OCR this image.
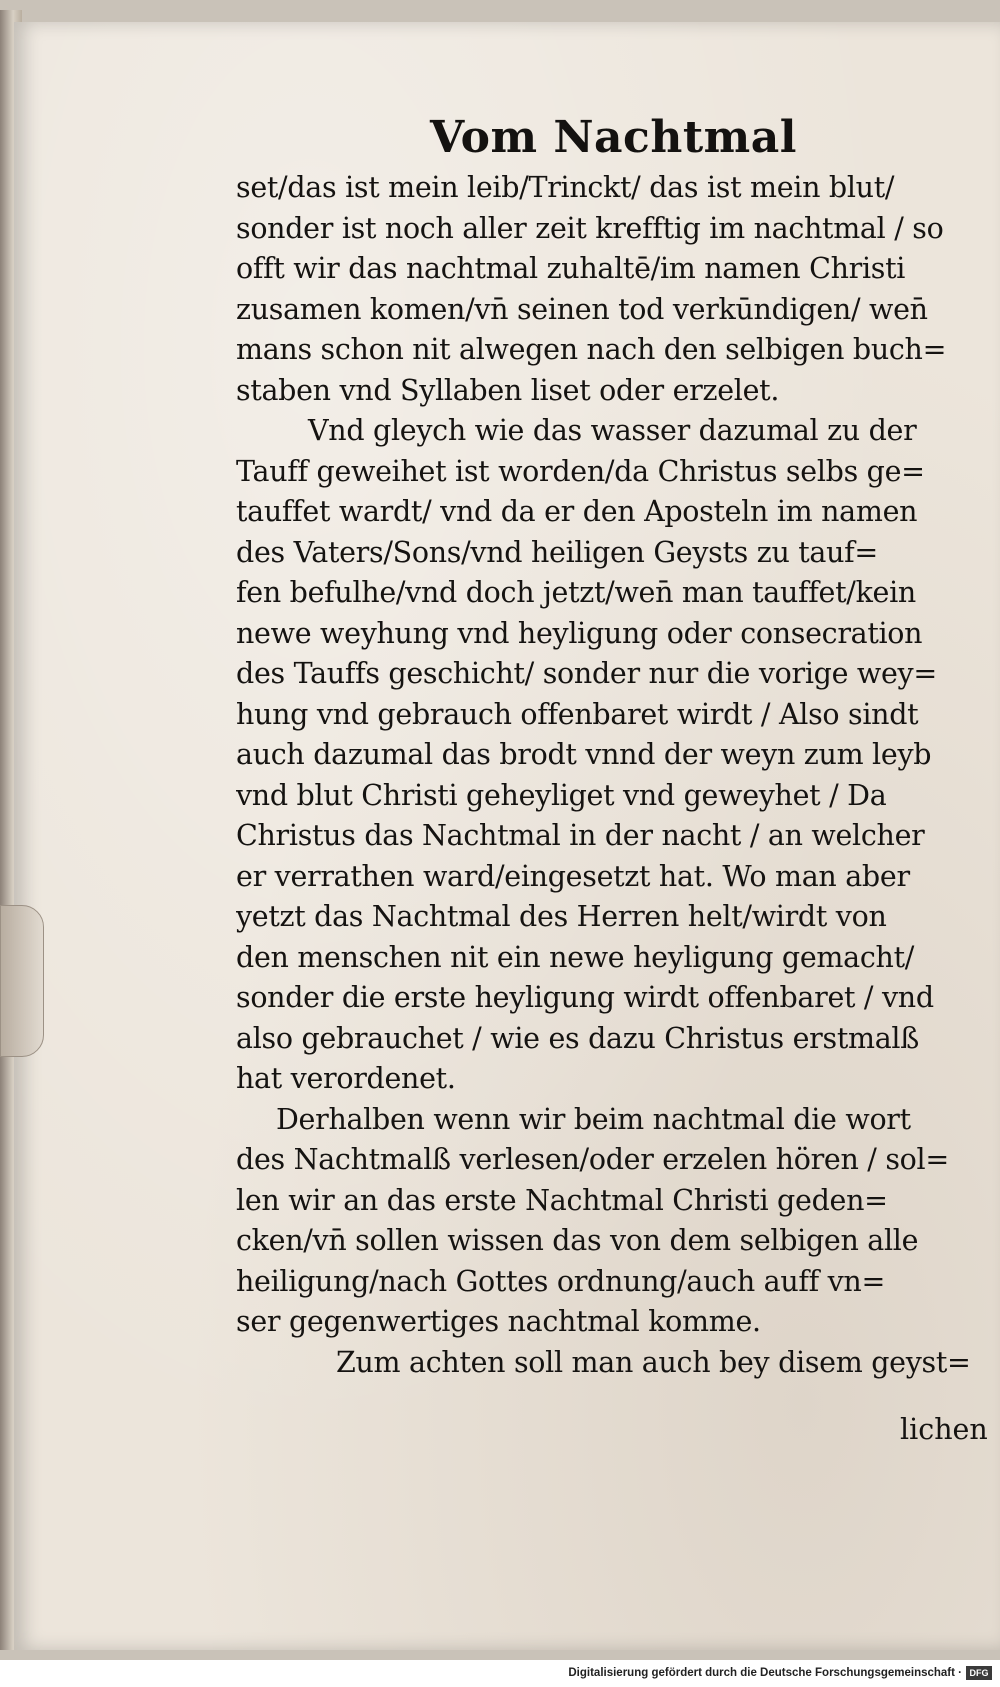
Vom Nachtmal
set/das ist mein leib/Trinckt/ das ist mein blut/
sonder ist noch aller zeit krefftig im nachtmal / so
offt wir das nachtmal zuhaltē/im namen Christi
zusamen komen/vn̄ seinen tod verkūndigen/ wen̄
mans schon nit alwegen nach den selbigen buch=
staben vnd Syllaben liset oder erzelet.
Vnd gleych wie das wasser dazumal zu der
Tauff geweihet ist worden/da Christus selbs ge=
tauffet wardt/ vnd da er den Aposteln im namen
des Vaters/Sons/vnd heiligen Geysts zu tauf=
fen befulhe/vnd doch jetzt/wen̄ man tauffet/kein
newe weyhung vnd heyligung oder consecration
des Tauffs geschicht/ sonder nur die vorige wey=
hung vnd gebrauch offenbaret wirdt / Also sindt
auch dazumal das brodt vnnd der weyn zum leyb
vnd blut Christi geheyliget vnd geweyhet / Da
Christus das Nachtmal in der nacht / an welcher
er verrathen ward/eingesetzt hat. Wo man aber
yetzt das Nachtmal des Herren helt/wirdt von
den menschen nit ein newe heyligung gemacht/
sonder die erste heyligung wirdt offenbaret / vnd
also gebrauchet / wie es dazu Christus erstmalß
hat verordenet.
Derhalben wenn wir beim nachtmal die wort
des Nachtmalß verlesen/oder erzelen hören / sol=
len wir an das erste Nachtmal Christi geden=
cken/vn̄ sollen wissen das von dem selbigen alle
heiligung/nach Gottes ordnung/auch auff vn=
ser gegenwertiges nachtmal komme.
Zum achten soll man auch bey disem geyst=
lichen
Digitalisierung gefördert durch die Deutsche Forschungsgemeinschaft · DFG
